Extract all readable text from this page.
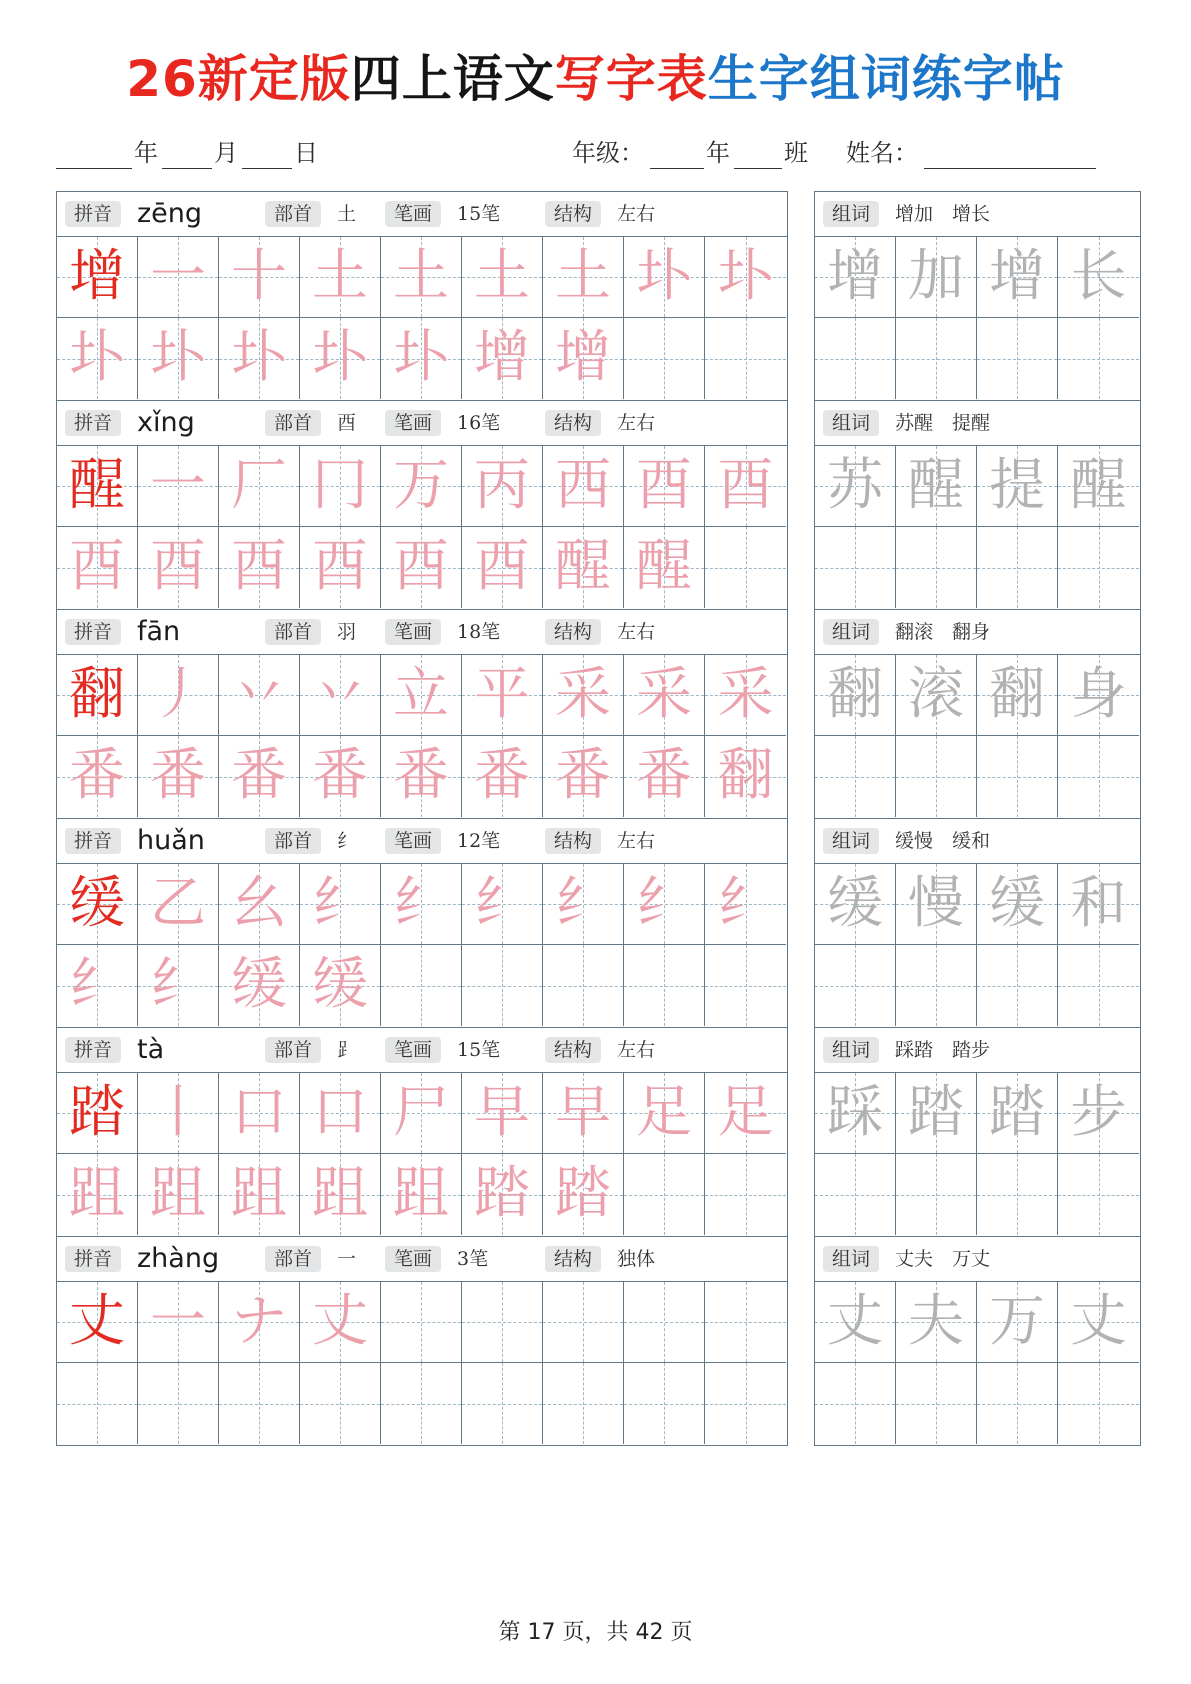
26新定版四上语文写字表生字组词练字帖
年 月 日	年级：	年 班 姓名：
拼音 zēng	部首	土	笔画	15笔	结构	左右
增 一 十 土 土 土 土 圤 圤
圤 圤 圤 圤 圤 增 增
组词	增加　增长
增 加 增 长
拼音 xǐng	部首	酉	笔画	16笔	结构	左右
醒 一 厂 冂 万 丙 西 酉 酉
酉 酉 酉 酉 酉 酉 醒 醒
组词	苏醒　提醒
苏 醒 提 醒
拼音 fān	部首	羽	笔画	18笔	结构	左右
翻 丿 丷 丷 立 平 采 采 采
番 番 番 番 番 番 番 番 翻
组词	翻滚　翻身
翻 滚 翻 身
拼音 huǎn	部首	纟	笔画	12笔	结构	左右
缓 乙 幺 纟 纟 纟 纟 纟 纟
纟 纟 缓 缓
组词	缓慢　缓和
缓 慢 缓 和
拼音 tà	部首	⻊	笔画	15笔	结构	左右
踏 丨 口 口 尸 早 早 足 足
跙 跙 跙 跙 跙 踏 踏
组词	踩踏　踏步
踩 踏 踏 步
拼音 zhàng	部首	一	笔画	3笔	结构	独体
丈 一 ナ 丈
组词	丈夫　万丈
丈 夫 万 丈
第 17 页，共 42 页
